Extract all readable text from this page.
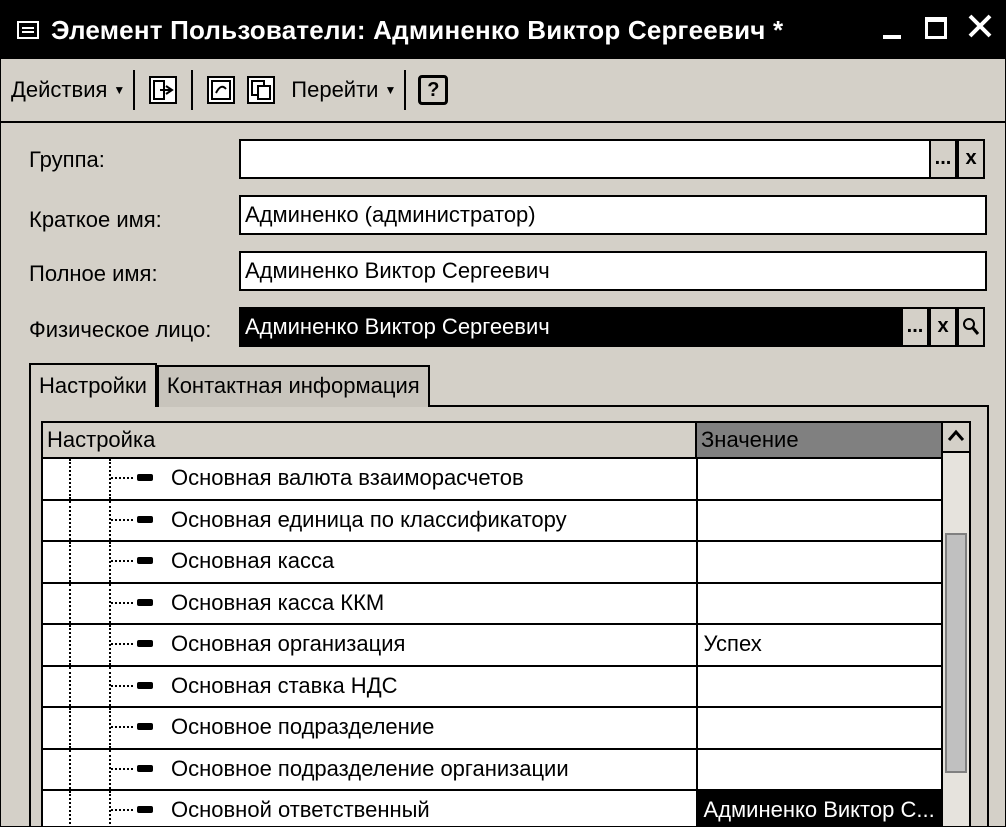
Элемент Пользователи: Админенко Виктор Сергеевич *
Действия ▼	Перейти ▼ ?
Группа:	... x
Краткое имя:	Админенко (администратор)
Полное имя:	Админенко Виктор Сергеевич
Физическое лицо: Админенко Виктор Сергеевич	... x
Настройки Контактная информация
Настройка	Значение
Основная валюта взаиморасчетов
Основная единица по классификатору
Основная касса
Основная касса ККМ
Основная организация	Успех
Основная ставка НДС
Основное подразделение
Основное подразделение организации
Основной ответственный	Админенко Виктор С...
